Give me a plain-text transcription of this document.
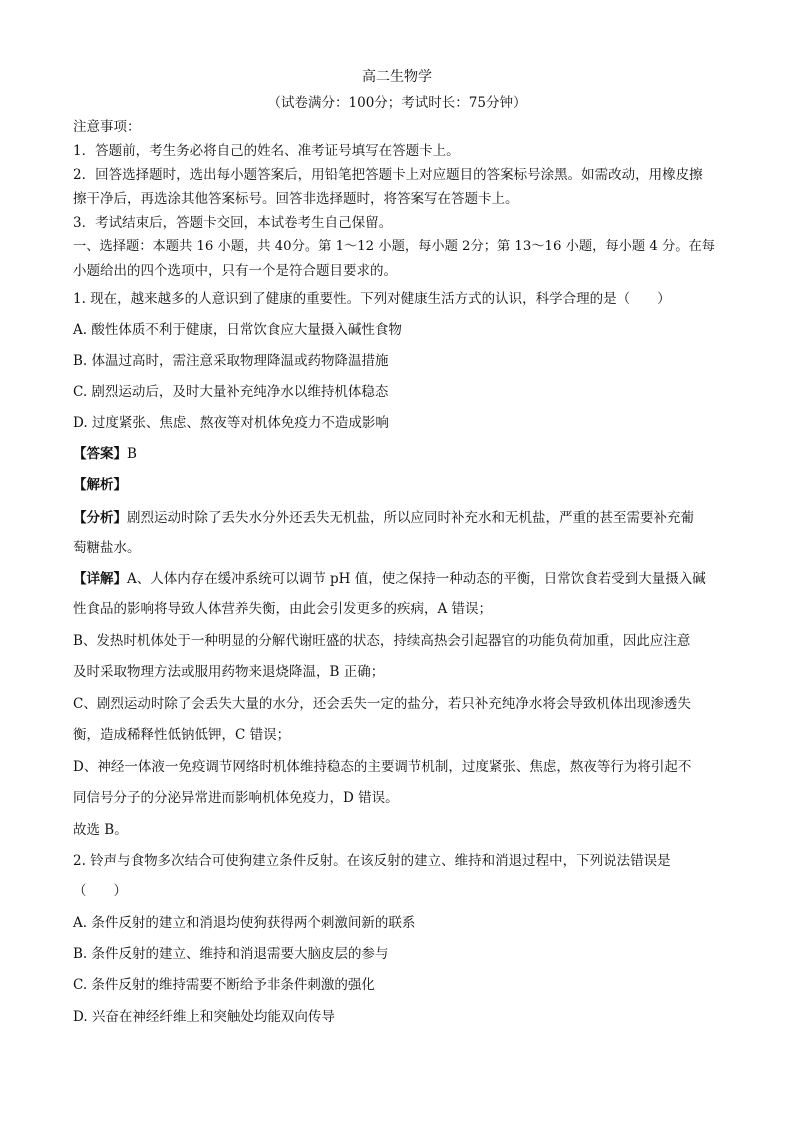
高二生物学
（试卷满分：100分；考试时长：75分钟）
注意事项：
1．答题前，考生务必将自己的姓名、准考证号填写在答题卡上。
2．回答选择题时，选出每小题答案后，用铅笔把答题卡上对应题目的答案标号涂黑。如需改动，用橡皮擦
擦干净后，再选涂其他答案标号。回答非选择题时，将答案写在答题卡上。
3．考试结束后，答题卡交回，本试卷考生自己保留。
一、选择题：本题共 16 小题，共 40分。第 1～12 小题，每小题 2分；第 13～16 小题，每小题 4 分。在每
小题给出的四个选项中，只有一个是符合题目要求的。
1. 现在，越来越多的人意识到了健康的重要性。下列对健康生活方式的认识，科学合理的是（　　）
A. 酸性体质不利于健康，日常饮食应大量摄入碱性食物
B. 体温过高时，需注意采取物理降温或药物降温措施
C. 剧烈运动后，及时大量补充纯净水以维持机体稳态
D. 过度紧张、焦虑、熬夜等对机体免疫力不造成影响
【答案】B
【解析】
【分析】剧烈运动时除了丢失水分外还丢失无机盐，所以应同时补充水和无机盐，严重的甚至需要补充葡
萄糖盐水。
【详解】A、人体内存在缓冲系统可以调节 pH 值，使之保持一种动态的平衡，日常饮食若受到大量摄入碱
性食品的影响将导致人体营养失衡，由此会引发更多的疾病，A 错误；
B、发热时机体处于一种明显的分解代谢旺盛的状态，持续高热会引起器官的功能负荷加重，因此应注意
及时采取物理方法或服用药物来退烧降温，B 正确；
C、剧烈运动时除了会丢失大量的水分，还会丢失一定的盐分，若只补充纯净水将会导致机体出现渗透失
衡，造成稀释性低钠低钾，C 错误；
D、神经一体液一免疫调节网络时机体维持稳态的主要调节机制，过度紧张、焦虑，熬夜等行为将引起不
同信号分子的分泌异常进而影响机体免疫力，D 错误。
故选 B。
2. 铃声与食物多次结合可使狗建立条件反射。在该反射的建立、维持和消退过程中，下列说法错误是
（　　）
A. 条件反射的建立和消退均使狗获得两个刺激间新的联系
B. 条件反射的建立、维持和消退需要大脑皮层的参与
C. 条件反射的维持需要不断给予非条件刺激的强化
D. 兴奋在神经纤维上和突触处均能双向传导
